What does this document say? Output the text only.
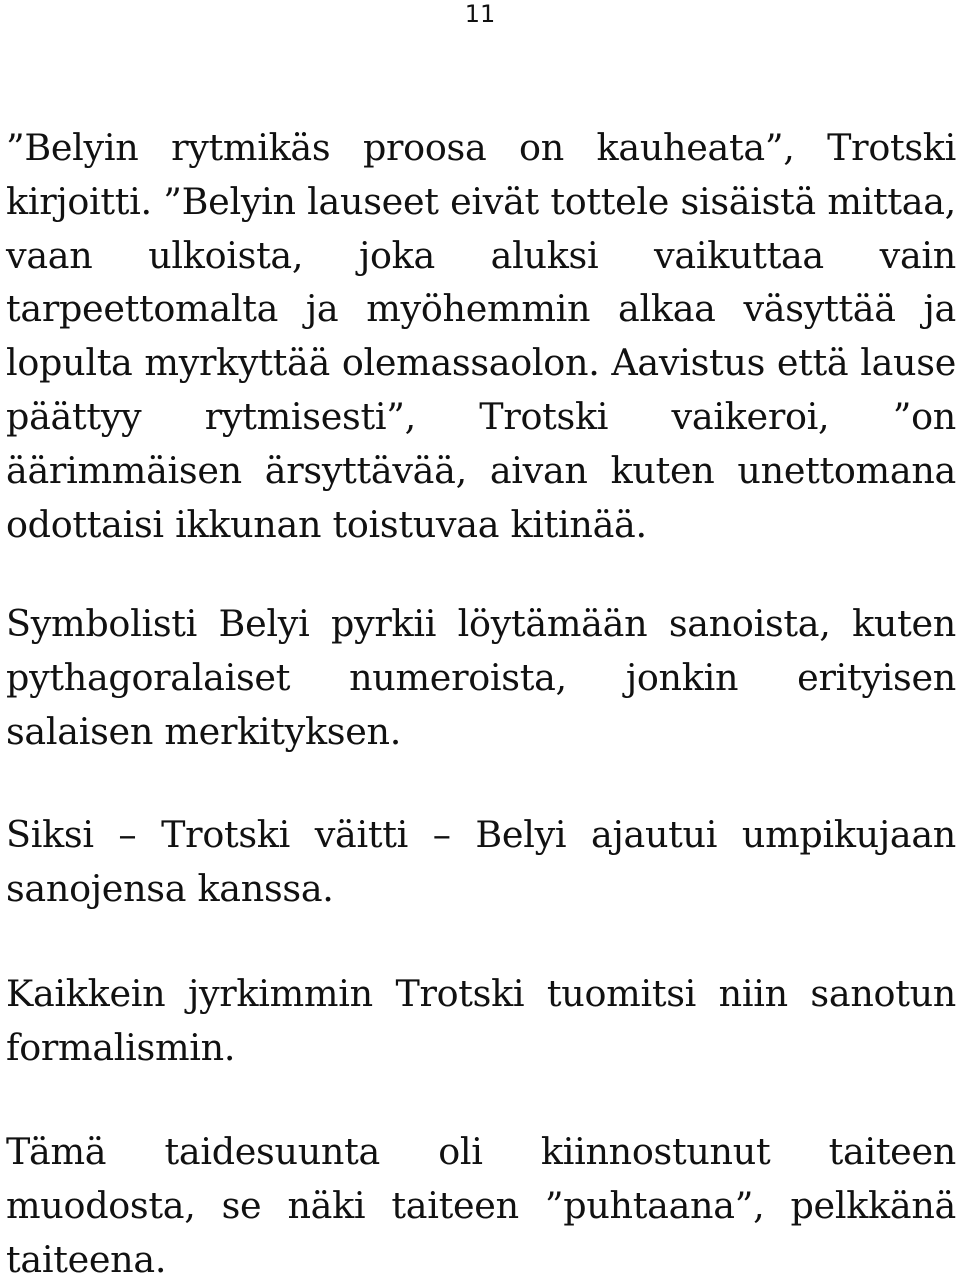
11

”Belyin rytmikäs proosa on kauheata”, Trotski kirjoitti. ”Belyin lauseet eivät tottele sisäistä mittaa, vaan ulkoista, joka aluksi vaikuttaa vain tarpeettomalta ja myöhemmin alkaa väsyttää ja lopulta myrkyttää olemassaolon. Aavistus että lause päättyy rytmisesti”, Trotski vaikeroi, ”on äärimmäisen ärsyttävää, aivan kuten unettomana odottaisi ikkunan toistuvaa kitinää.

Symbolisti Belyi pyrkii löytämään sanoista, kuten pythagoralaiset numeroista, jonkin erityisen salaisen merkityksen.

Siksi – Trotski väitti – Belyi ajautui umpikujaan sanojensa kanssa.

Kaikkein jyrkimmin Trotski tuomitsi niin sanotun formalismin.

Tämä taidesuunta oli kiinnostunut taiteen muodosta, se näki taiteen ”puhtaana”, pelkkänä taiteena.
